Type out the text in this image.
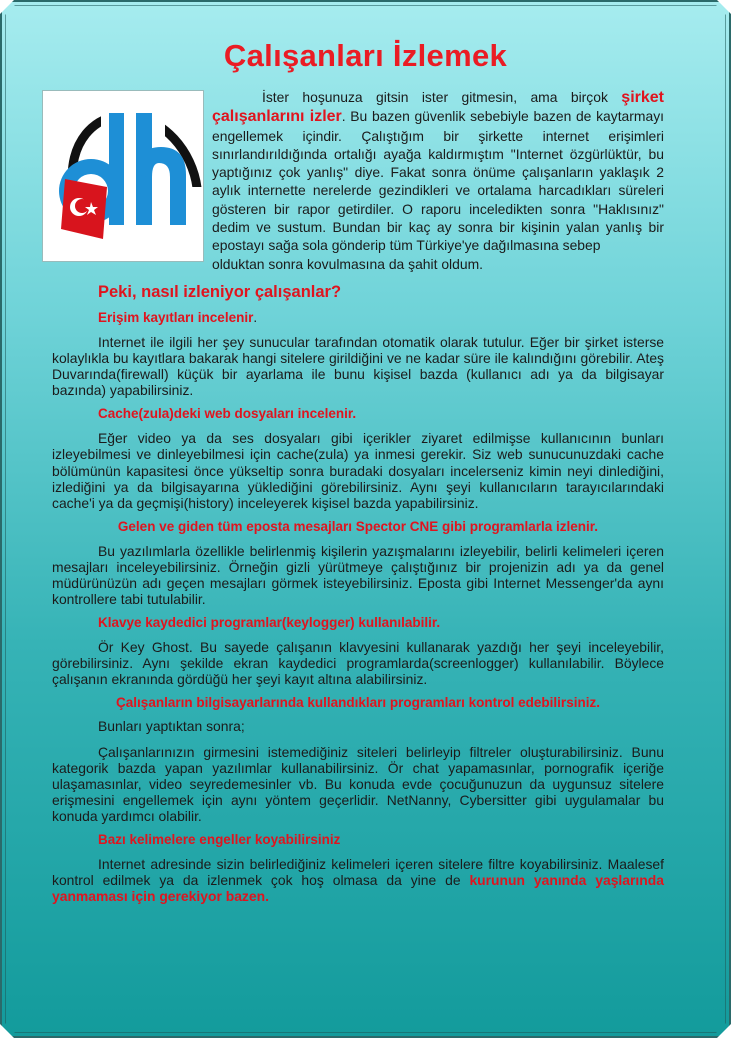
Çalışanları İzlemek

İster hoşunuza gitsin ister gitmesin, ama birçok şirket çalışanlarını izler. Bu bazen güvenlik sebebiyle bazen de kaytarmayı engellemek içindir. Çalıştığım bir şirkette internet erişimleri sınırlandırıldığında ortalığı ayağa kaldırmıştım "Internet özgürlüktür, bu yaptığınız çok yanlış" diye. Fakat sonra önüme çalışanların yaklaşık 2 aylık internette nerelerde gezindikleri ve ortalama harcadıkları süreleri gösteren bir rapor getirdiler. O raporu inceledikten sonra "Haklısınız" dedim ve sustum. Bundan bir kaç ay sonra bir kişinin yalan yanlış bir epostayı sağa sola gönderip tüm Türkiye'ye dağılmasına sebep

olduktan sonra kovulmasına da şahit oldum.

Peki, nasıl izleniyor çalışanlar?
Erişim kayıtları incelenir.

Internet ile ilgili her şey sunucular tarafından otomatik olarak tutulur. Eğer bir şirket isterse kolaylıkla bu kayıtlara bakarak hangi sitelere girildiğini ve ne kadar süre ile kalındığını görebilir. Ateş Duvarında(firewall) küçük bir ayarlama ile bunu kişisel bazda (kullanıcı adı ya da bilgisayar bazında) yapabilirsiniz.

Cache(zula)deki web dosyaları incelenir.

Eğer video ya da ses dosyaları gibi içerikler ziyaret edilmişse kullanıcının bunları izleyebilmesi ve dinleyebilmesi için cache(zula) ya inmesi gerekir. Siz web sunucunuzdaki cache bölümünün kapasitesi önce yükseltip sonra buradaki dosyaları incelerseniz kimin neyi dinlediğini, izlediğini ya da bilgisayarına yüklediğini görebilirsiniz. Aynı şeyi kullanıcıların tarayıcılarındaki cache'i ya da geçmişi(history) inceleyerek kişisel bazda yapabilirsiniz.

Gelen ve giden tüm eposta mesajları Spector CNE gibi programlarla izlenir.

Bu yazılımlarla özellikle belirlenmiş kişilerin yazışmalarını izleyebilir, belirli kelimeleri içeren mesajları inceleyebilirsiniz. Örneğin gizli yürütmeye çalıştığınız bir projenizin adı ya da genel müdürünüzün adı geçen mesajları görmek isteyebilirsiniz. Eposta gibi Internet Messenger'da aynı kontrollere tabi tutulabilir.

Klavye kaydedici programlar(keylogger) kullanılabilir.

Ör Key Ghost. Bu sayede çalışanın klavyesini kullanarak yazdığı her şeyi inceleyebilir, görebilirsiniz. Aynı şekilde ekran kaydedici programlarda(screenlogger) kullanılabilir. Böylece çalışanın ekranında gördüğü her şeyi kayıt altına alabilirsiniz.

Çalışanların bilgisayarlarında kullandıkları programları kontrol edebilirsiniz.

Bunları yaptıktan sonra;

Çalışanlarınızın girmesini istemediğiniz siteleri belirleyip filtreler oluşturabilirsiniz. Bunu kategorik bazda yapan yazılımlar kullanabilirsiniz. Ör chat yapamasınlar, pornografik içeriğe ulaşamasınlar, video seyredemesinler vb. Bu konuda evde çocuğunuzun da uygunsuz sitelere erişmesini engellemek için aynı yöntem geçerlidir. NetNanny, Cybersitter gibi uygulamalar bu konuda yardımcı olabilir.

Bazı kelimelere engeller koyabilirsiniz

Internet adresinde sizin belirlediğiniz kelimeleri içeren sitelere filtre koyabilirsiniz. Maalesef kontrol edilmek ya da izlenmek çok hoş olmasa da yine de kurunun yanında yaşlarında yanmaması için gerekiyor bazen.
